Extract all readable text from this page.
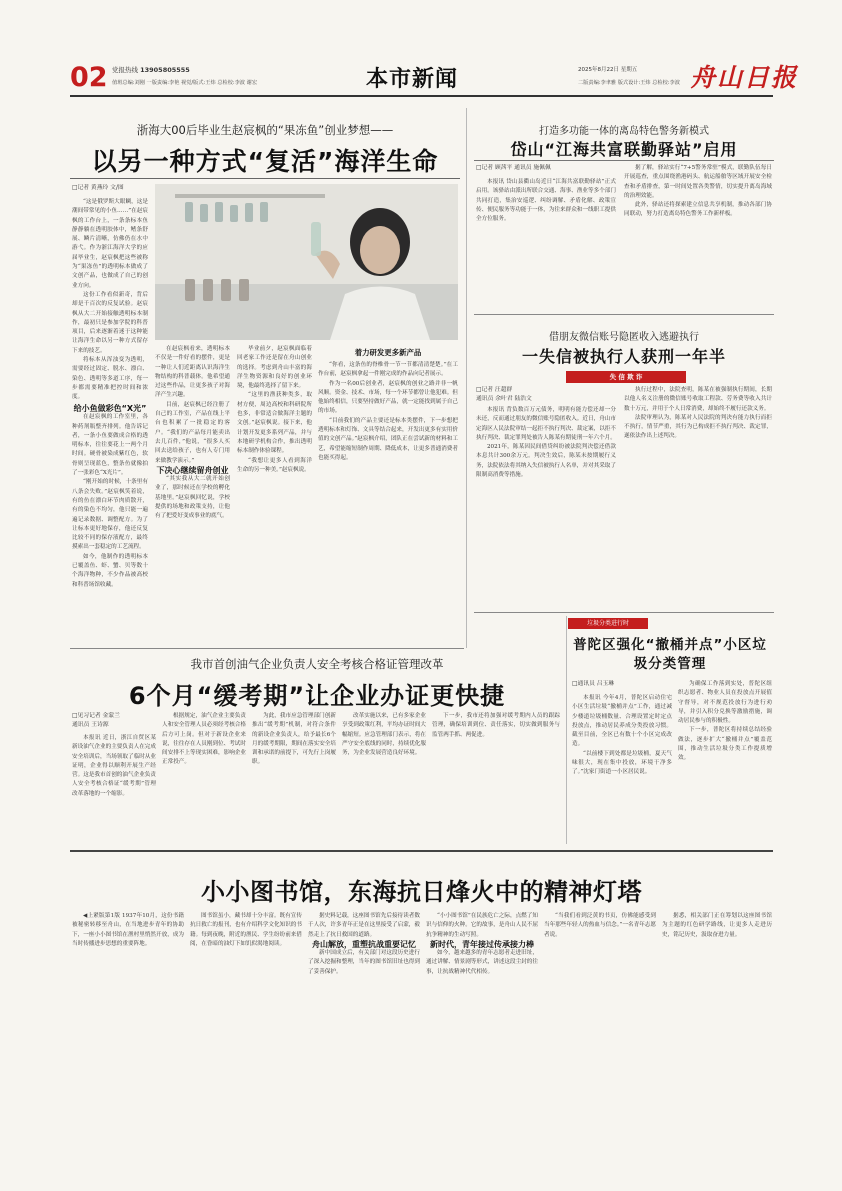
02 党报热线 13905805555
值班总编:刘刚 一版责编:李艳 视觉/版式:王炜 总检校:李波 谢宏	本市新闻	2025年8月22日 星期五
二版责编:李聿雅 版式设计:王炜 总检校:李波 舟山日报
浙海大00后毕业生赵宸枫的“果冻鱼”创业梦想——
以另一种方式“复活”海洋生命
□记者 黄燕玲 文/图

“这是俄罗斯大眼鲷，这是潮间带常见的小鱼……”在赵宸枫的工作台上，一条条标本鱼静静躺在透明胶体中，鳍条舒展、鳞片清晰，仿佛仍在水中游弋。作为浙江海洋大学的应届毕业生，赵宸枫把这些被称为“果冻鱼”的透明标本做成了文创产品，也做成了自己的创业方向。

这份工作看似新奇，背后却是千百次的反复试验。赵宸枫从大二开始接触透明标本制作，最初只是参加学院的科普项目，后来逐渐着迷于这种能让海洋生命以另一种方式留存下来的技艺。

将标本从浑浊变为透明，需要经过固定、脱水、漂白、染色、透明等多道工序，每一步都需要精准把控时间和浓度。

给小鱼做彩色“X光”

在赵宸枫的工作室里，各种药剂瓶整齐排列。他告诉记者，一条小鱼要做成合格的透明标本，往往要花上一两个月时间。硬骨被染成紫红色，软骨则呈现蓝色，整条鱼就像拍了一张彩色“X光片”。

“刚开始的时候，十条里有八条会失败。”赵宸枫笑着说，有的鱼在漂白环节肉质散开，有的染色不均匀，他只能一遍遍记录数据、调整配方。为了让标本更好地保存，他还反复比较不同的保存液配方，最终摸索出一套稳定的工艺流程。

如今，他制作的透明标本已覆盖鱼、虾、蟹、贝等数十个海洋物种，不少作品被高校和科普场馆收藏。

在赵宸枫看来，透明标本不仅是一件好看的摆件，更是一种让人们近距离认识海洋生物结构的科普载体。他希望通过这些作品，让更多孩子对海洋产生兴趣。

目前，赵宸枫已经注册了自己的工作室，产品在线上平台也积累了一批稳定的客户。“我们的产品每月能卖出去几百件，”他说，“很多人买回去送给孩子，也有人专门用来做教学演示。”

下决心继续留舟创业

“其实我从大二就开始创业了，那时候还在学校的孵化基地里。”赵宸枫回忆说，学校提供的场地和政策支持，让他有了把爱好变成事业的底气。

毕业前夕，赵宸枫面临着回老家工作还是留在舟山创业的选择。考虑到舟山丰富的海洋生物资源和良好的创业环境，他最终选择了留下来。

“这里的渔获种类多，取材方便，周边高校和科研院所也多，非常适合做海洋主题的文创。”赵宸枫说。接下来，他计划开发更多系列产品，并与本地研学机构合作，推出透明标本制作体验课程。

“我想让更多人看到海洋生命的另一种美。”赵宸枫说。

着力研发更多新产品

“你看，这条鱼的脊椎骨一节一节都清清楚楚。”在工作台前，赵宸枫拿起一件刚完成的作品向记者展示。

作为一名00后创业者，赵宸枫的创业之路并非一帆风顺。资金、技术、市场，每一个环节都曾让他犯难。但他始终相信，只要坚持做好产品，就一定能找到属于自己的市场。

“目前我们的产品主要还是标本类摆件，下一步想把透明标本和灯饰、文具等结合起来，开发出更多有实用价值的文创产品。”赵宸枫介绍，团队正在尝试新的材料和工艺，希望能缩短制作周期、降低成本，让更多普通消费者也能买得起。

打造多功能一体的离岛特色警务新模式
岱山“江海共富联勤驿站”启用
□记者 顾茜平 通讯员 施佩佩

本报讯 岱山县衢山岛近日“江海共富联勤驿站”正式启用。该驿站由派出所联合交通、海事、渔业等多个部门共同打造，集治安巡逻、纠纷调解、矛盾化解、政策宣传、便民服务等功能于一体，为往来群众和一线职工提供全方位服务。

据了解，驿站实行“7+5警务常驻”模式，联勤队伍每日开展巡查，重点围绕渔港码头、航运船舶等区域开展安全检查和矛盾排查，第一时间处置各类警情，切实提升离岛海域的治理效能。

此外，驿站还将探索建立信息共享机制，推动各部门协同联动，努力打造离岛特色警务工作新样板。

借朋友微信账号隐匿收入逃避执行
一失信被执行人获刑一年半
失 信 欺 诈
□记者 汪超群
通讯员 余叶君 陆浩文

本报讯 背负数百万元债务，明明有能力偿还却一分未还，反而通过朋友的微信账号隐匿收入。近日，舟山市定海区人民法院审结一起拒不执行判决、裁定案，以拒不执行判决、裁定罪判处被告人陈某有期徒刑一年六个月。

2021年，陈某因民间借贷纠纷被法院判决偿还借款本息共计300余万元。判决生效后，陈某未按期履行义务，法院依法将其纳入失信被执行人名单，并对其采取了限制高消费等措施。

执行过程中，法院查明，陈某在被强制执行期间，长期以他人名义注册的微信账号收取工程款、劳务费等收入共计数十万元，并用于个人日常消费，却始终不履行还款义务。

法院审理认为，陈某对人民法院的判决有能力执行而拒不执行，情节严重，其行为已构成拒不执行判决、裁定罪，遂依法作出上述判决。

垃圾分类进行时
普陀区强化“撤桶并点”小区垃圾分类管理
□通讯员 吕玉琳

本报讯 今年4月，普陀区启动住宅小区生活垃圾“撤桶并点”工作，通过减少楼道垃圾桶数量、合理设置定时定点投放点，推动居民养成分类投放习惯。截至目前，全区已有数十个小区完成改造。

“以前楼下到处都是垃圾桶，夏天气味很大，现在集中投放，环境干净多了。”沈家门街道一小区居民说。

为确保工作落到实处，普陀区组织志愿者、物业人员在投放点开展值守督导，对不规范投放行为进行劝导，并引入积分兑换等激励措施，调动居民参与的积极性。

下一步，普陀区将持续总结经验做法，逐步扩大“撤桶并点”覆盖范围，推动生活垃圾分类工作提质增效。

我市首创油气企业负责人安全考核合格证管理改革
6个月“缓考期”让企业办证更快捷
□见习记者 金蒙兰
通讯员 王诗源

本报讯 近日，浙江自贸区某新设油气企业的主要负责人在完成安全培训后，当场领取了临时从业证明，企业得以顺利开展生产经营。这是我市首创的油气企业负责人安全考核合格证“缓考期”管理改革落地的一个缩影。

根据规定，油气企业主要负责人和安全管理人员必须经考核合格后方可上岗。但对于新设企业来说，往往存在人员刚到位、考试时间安排不上等现实困难，影响企业正常投产。

为此，我市应急管理部门创新推出“缓考期”机制，对符合条件的新设企业负责人，给予最长6个月的缓考期限，期间在落实安全培训和承诺的前提下，可先行上岗履职。

改革实施以来，已有多家企业享受到政策红利，平均办证时间大幅缩短。应急管理部门表示，将在严守安全底线的同时，持续优化服务，为企业发展营造良好环境。

下一步，我市还将加强对缓考期内人员的跟踪管理，确保培训到位、责任落实，切实做到服务与监管两手抓、两促进。

小小图书馆，东海抗日烽火中的精神灯塔

◀上紧版第1版 1937年10月，这份书籍被秘密转移至舟山，在当地进步青年的协助下，一座小小图书馆在渔村里悄然开放，成为当时传播进步思想的重要阵地。

图书馆虽小，藏书却十分丰富。既有宣传抗日救亡的报刊，也有介绍科学文化知识的书籍。每到夜晚，附近的渔民、学生纷纷前来借阅，在昏暗的油灯下如饥似渴地阅读。

据史料记载，这座图书馆先后接待读者数千人次，许多青年正是在这里接受了启蒙，毅然走上了抗日救国的道路。

舟山解放，重塑抗战重要记忆

新中国成立后，有关部门对这段历史进行了深入挖掘和整理，当年的图书馆旧址也得到了妥善保护。

“小小图书馆”在民族危亡之际，点燃了知识与信仰的火种。它的故事，是舟山人民不屈抗争精神的生动写照。

新时代，青年接过传承接力棒

如今，越来越多的青年志愿者走进旧址，通过讲解、情景剧等形式，讲述这段尘封的往事，让抗战精神代代相传。

“当我们看到泛黄的书页，仿佛能感受到当年那些年轻人的热血与信念。”一名青年志愿者说。

据悉，相关部门正在筹划以这座图书馆为主题的红色研学路线，让更多人走进历史，铭记历史，汲取奋进力量。
